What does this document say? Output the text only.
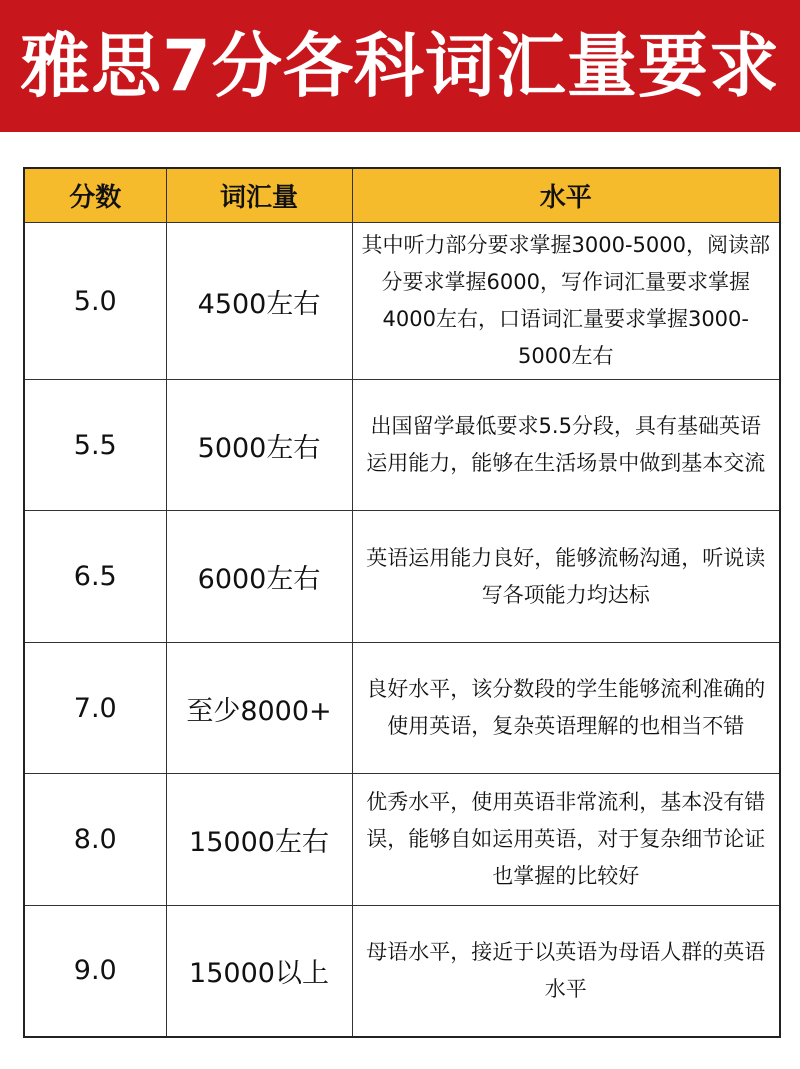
雅思7分各科词汇量要求
分数	词汇量	水平
5.0	4500左右	其中听力部分要求掌握3000-5000，阅读部分要求掌握6000，写作词汇量要求掌握4000左右，口语词汇量要求掌握3000-5000左右
5.5	5000左右	出国留学最低要求5.5分段，具有基础英语运用能力，能够在生活场景中做到基本交流
6.5	6000左右	英语运用能力良好，能够流畅沟通，听说读写各项能力均达标
7.0	至少8000+	良好水平，该分数段的学生能够流利准确的使用英语，复杂英语理解的也相当不错
8.0	15000左右	优秀水平，使用英语非常流利，基本没有错误，能够自如运用英语，对于复杂细节论证也掌握的比较好
9.0	15000以上	母语水平，接近于以英语为母语人群的英语水平
